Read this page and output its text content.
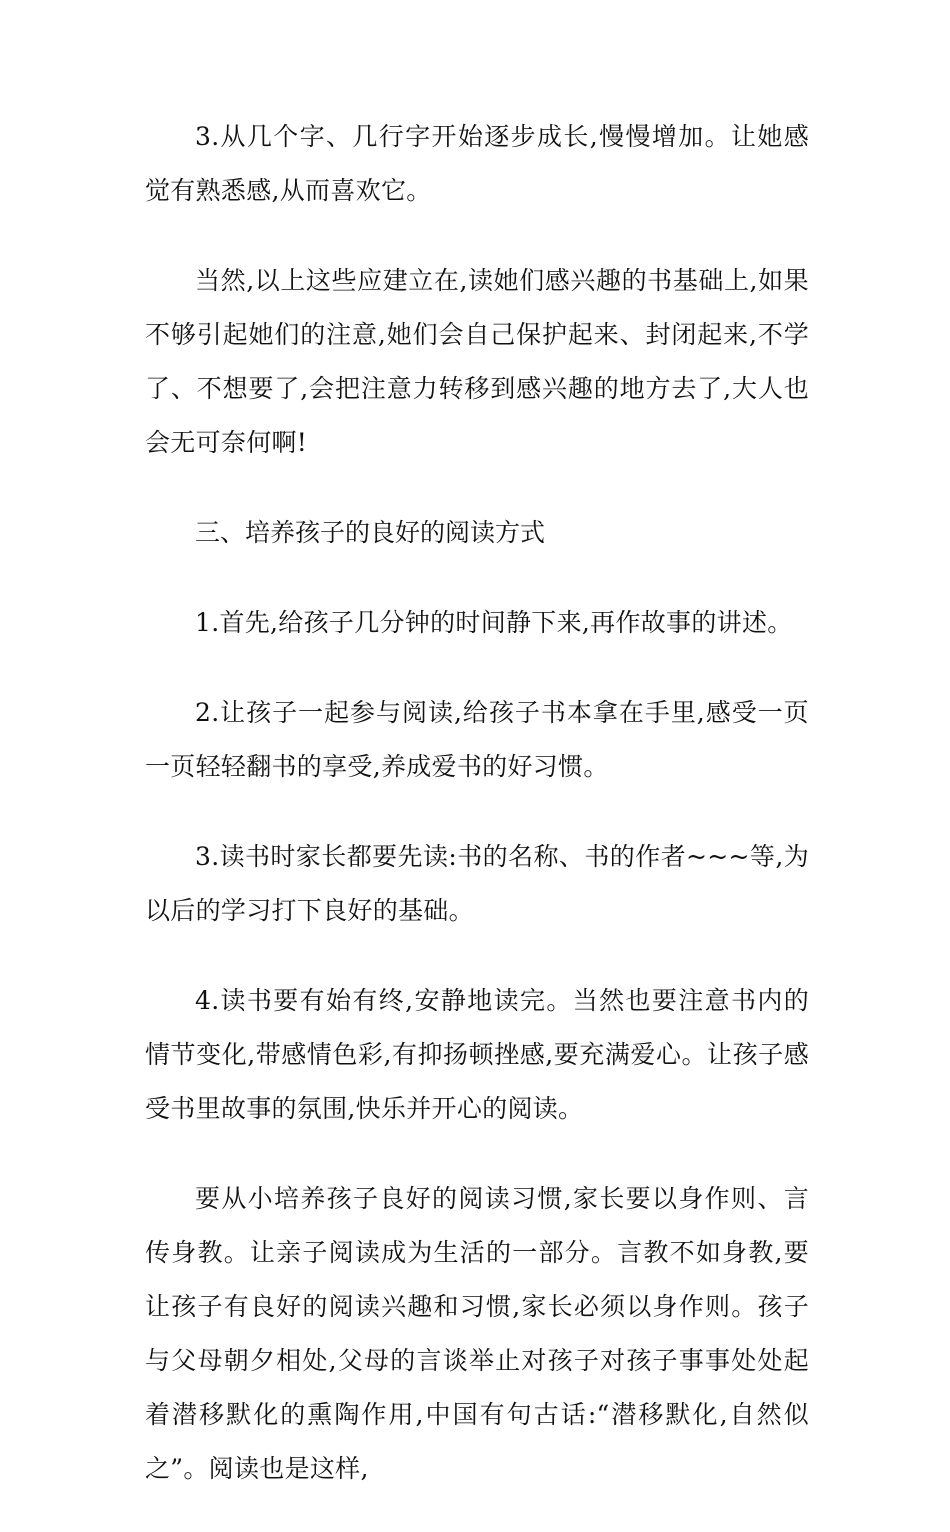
3.从几个字、几行字开始逐步成长,慢慢增加。让她感觉有熟悉感,从而喜欢它。

当然,以上这些应建立在,读她们感兴趣的书基础上,如果不够引起她们的注意,她们会自己保护起来、封闭起来,不学了、不想要了,会把注意力转移到感兴趣的地方去了,大人也会无可奈何啊!

三、培养孩子的良好的阅读方式

1.首先,给孩子几分钟的时间静下来,再作故事的讲述。

2.让孩子一起参与阅读,给孩子书本拿在手里,感受一页一页轻轻翻书的享受,养成爱书的好习惯。

3.读书时家长都要先读:书的名称、书的作者~~~等,为以后的学习打下良好的基础。

4.读书要有始有终,安静地读完。当然也要注意书内的情节变化,带感情色彩,有抑扬顿挫感,要充满爱心。让孩子感受书里故事的氛围,快乐并开心的阅读。

要从小培养孩子良好的阅读习惯,家长要以身作则、言传身教。让亲子阅读成为生活的一部分。言教不如身教,要让孩子有良好的阅读兴趣和习惯,家长必须以身作则。孩子与父母朝夕相处,父母的言谈举止对孩子对孩子事事处处起着潜移默化的熏陶作用,中国有句古话:“潜移默化,自然似之”。阅读也是这样,
